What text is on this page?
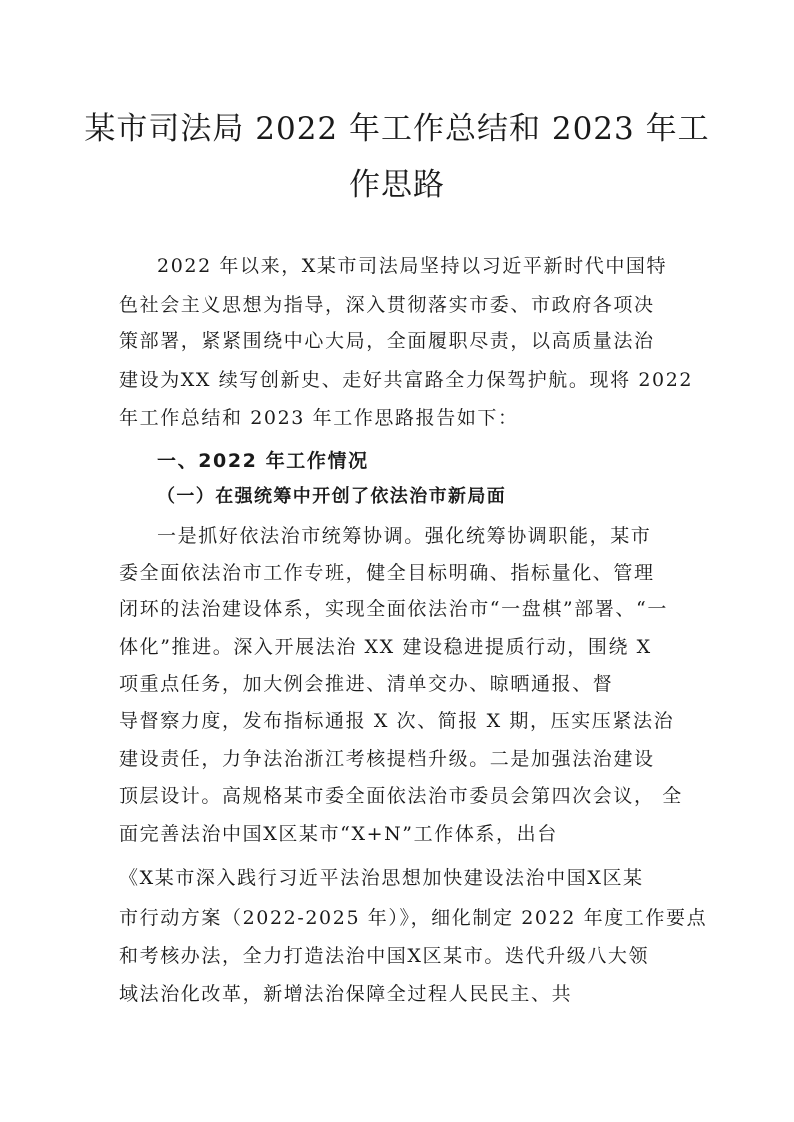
某市司法局 2022 年工作总结和 2023 年工
作思路
2022 年以来，X某市司法局坚持以习近平新时代中国特
色社会主义思想为指导，深入贯彻落实市委、市政府各项决
策部署，紧紧围绕中心大局，全面履职尽责，以高质量法治
建设为XX 续写创新史、走好共富路全力保驾护航。现将 2022
年工作总结和 2023 年工作思路报告如下：
一、2022 年工作情况
（一）在强统筹中开创了依法治市新局面
一是抓好依法治市统筹协调。强化统筹协调职能，某市
委全面依法治市工作专班，健全目标明确、指标量化、管理
闭环的法治建设体系，实现全面依法治市“一盘棋”部署、“一
体化”推进。深入开展法治 XX 建设稳进提质行动，围绕 X
项重点任务，加大例会推进、清单交办、晾晒通报、督
导督察力度，发布指标通报 X 次、简报 X 期，压实压紧法治
建设责任，力争法治浙江考核提档升级。二是加强法治建设
顶层设计。高规格某市委全面依法治市委员会第四次会议， 全
面完善法治中国X区某市“X+N”工作体系，出台
《X某市深入践行习近平法治思想加快建设法治中国X区某
市行动方案（2022-2025 年）》，细化制定 2022 年度工作要点
和考核办法，全力打造法治中国X区某市。迭代升级八大领
域法治化改革，新增法治保障全过程人民民主、共
